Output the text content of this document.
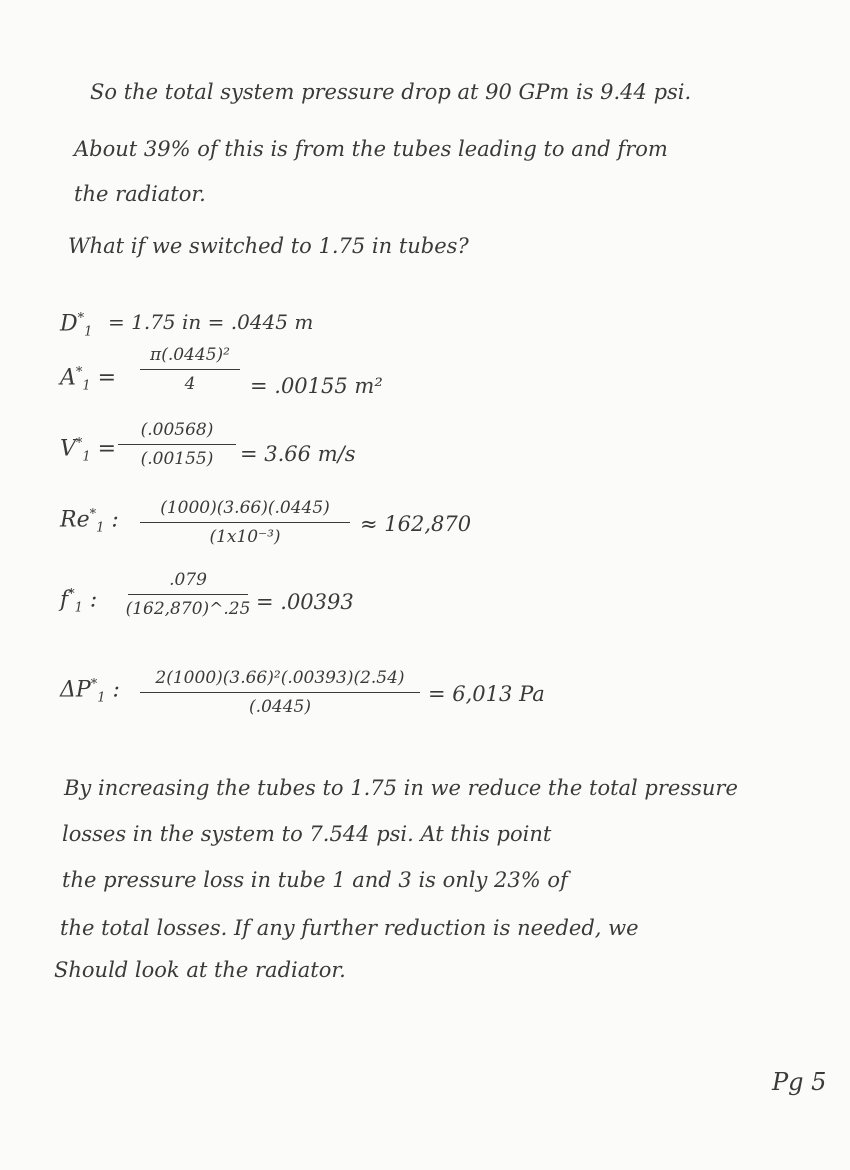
So the total system pressure drop at 90 GPm is 9.44 psi.
About 39% of this is from the tubes leading to and from
the radiator.
What if we switched to 1.75 in tubes?
$D^*_1 = 1.75$ in = .0445 m
$A^*_1$ =
π(.0445)²
4	= .00155 m²
$V^*_1$ =
(.00568)
(.00155) = 3.66 m/s
$Re^*_1$ : (1000)(3.66)(.0445)
(1x10⁻³)
≈ 162,870
$f^*_1$ :
.079
(162,870)^.25 = .00393
$\Delta P^*_1$ : 2(1000)(3.66)²(.00393)(2.54)
(.0445)
= 6,013 Pa
By increasing the tubes to 1.75 in we reduce the total pressure
losses in the system to 7.544 psi. At this point
the pressure loss in tube 1 and 3 is only 23% of
the total losses. If any further reduction is needed, we
Should look at the radiator.
Pg 5
